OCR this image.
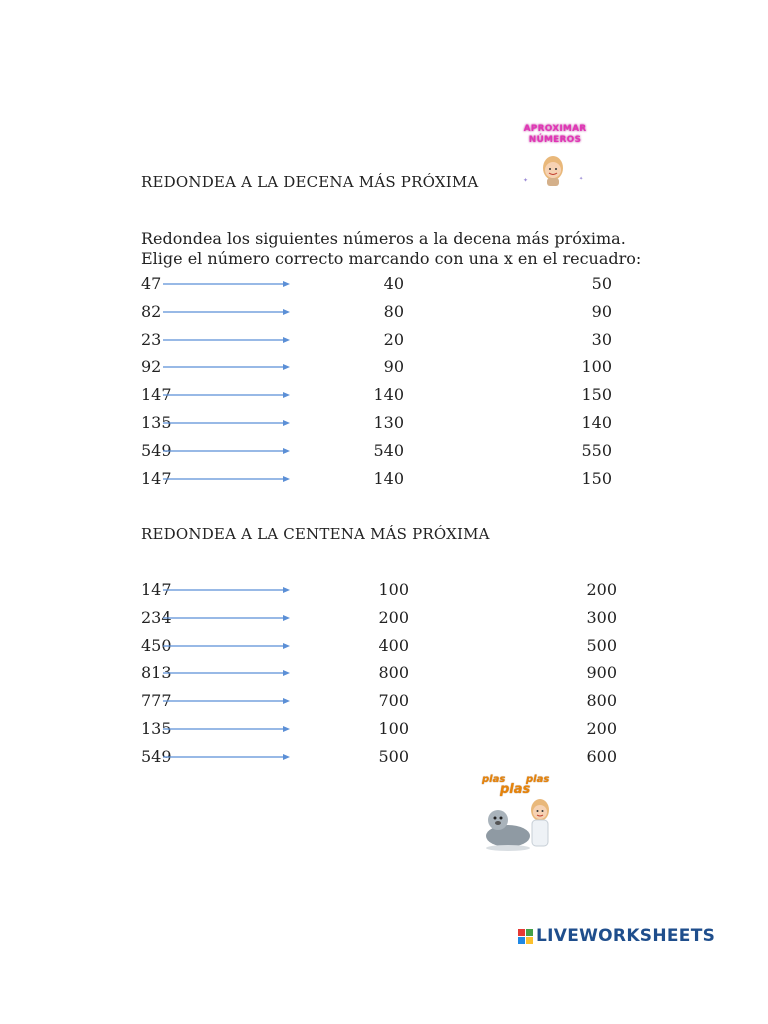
APROXIMAR NÚMEROS
✦	✦
REDONDEA A LA DECENA MÁS PRÓXIMA
Redondea los siguientes números a la decena más próxima.
Elige el número correcto marcando con una x en el recuadro:
47	40	50
82	80	90
23	20	30
92	90	100
147	140	150
135	130	140
549	540	550
147	140	150
REDONDEA A LA CENTENA MÁS PRÓXIMA
147	100	200
234	200	300
450	400	500
813	800	900
777	700	800
135	100	200
549	500	600
plas
plas
plas
LIVEWORKSHEETS
